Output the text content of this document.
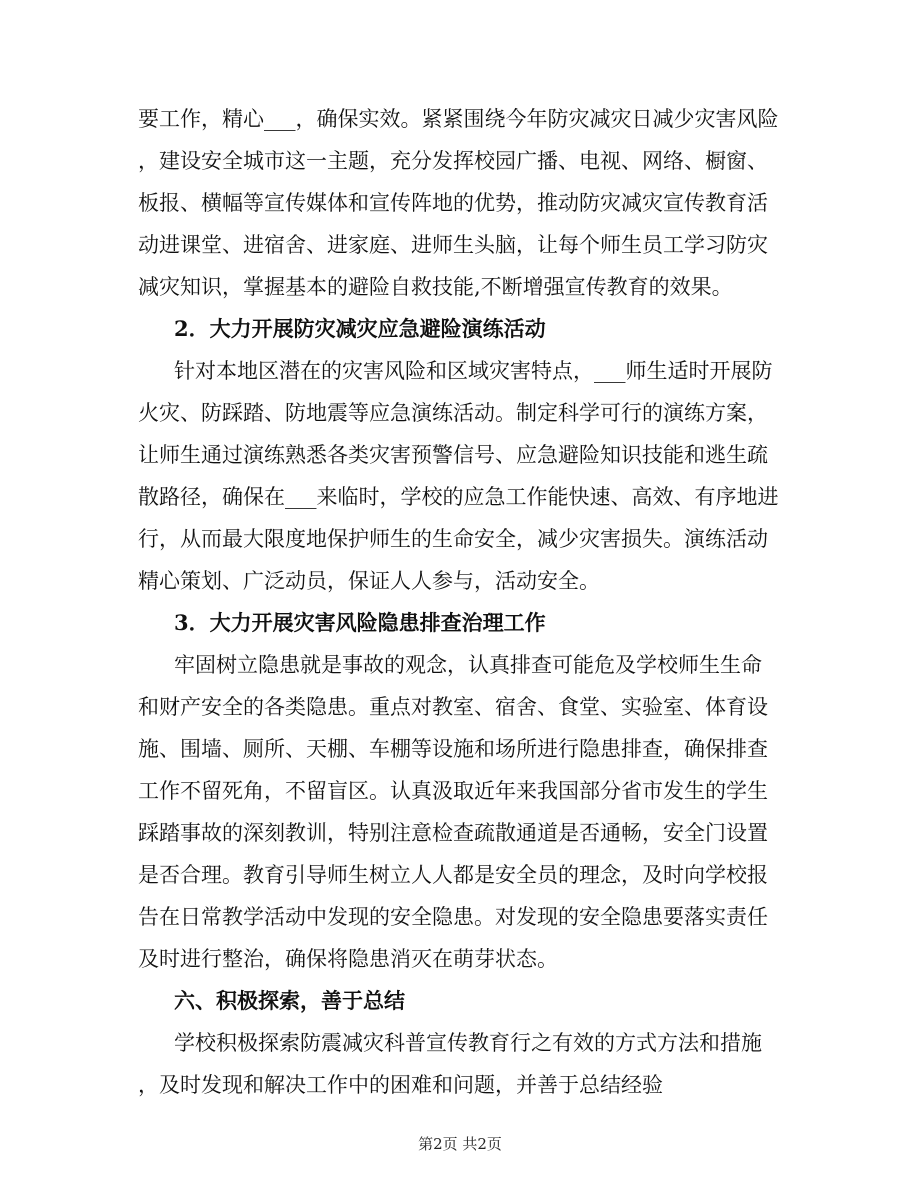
要工作，精心___，确保实效。紧紧围绕今年防灾减灾日减少灾害风险
，建设安全城市这一主题，充分发挥校园广播、电视、网络、橱窗、
板报、横幅等宣传媒体和宣传阵地的优势，推动防灾减灾宣传教育活
动进课堂、进宿舍、进家庭、进师生头脑，让每个师生员工学习防灾
减灾知识，掌握基本的避险自救技能,不断增强宣传教育的效果。
2．大力开展防灾减灾应急避险演练活动
针对本地区潜在的灾害风险和区域灾害特点，___师生适时开展防
火灾、防踩踏、防地震等应急演练活动。制定科学可行的演练方案，
让师生通过演练熟悉各类灾害预警信号、应急避险知识技能和逃生疏
散路径，确保在___来临时，学校的应急工作能快速、高效、有序地进
行，从而最大限度地保护师生的生命安全，减少灾害损失。演练活动
精心策划、广泛动员，保证人人参与，活动安全。
3．大力开展灾害风险隐患排查治理工作
牢固树立隐患就是事故的观念，认真排查可能危及学校师生生命
和财产安全的各类隐患。重点对教室、宿舍、食堂、实验室、体育设
施、围墙、厕所、天棚、车棚等设施和场所进行隐患排查，确保排查
工作不留死角，不留盲区。认真汲取近年来我国部分省市发生的学生
踩踏事故的深刻教训，特别注意检查疏散通道是否通畅，安全门设置
是否合理。教育引导师生树立人人都是安全员的理念，及时向学校报
告在日常教学活动中发现的安全隐患。对发现的安全隐患要落实责任
及时进行整治，确保将隐患消灭在萌芽状态。
六、积极探索，善于总结
学校积极探索防震减灾科普宣传教育行之有效的方式方法和措施
第2页 共2页
，及时发现和解决工作中的困难和问题，并善于总结经验
